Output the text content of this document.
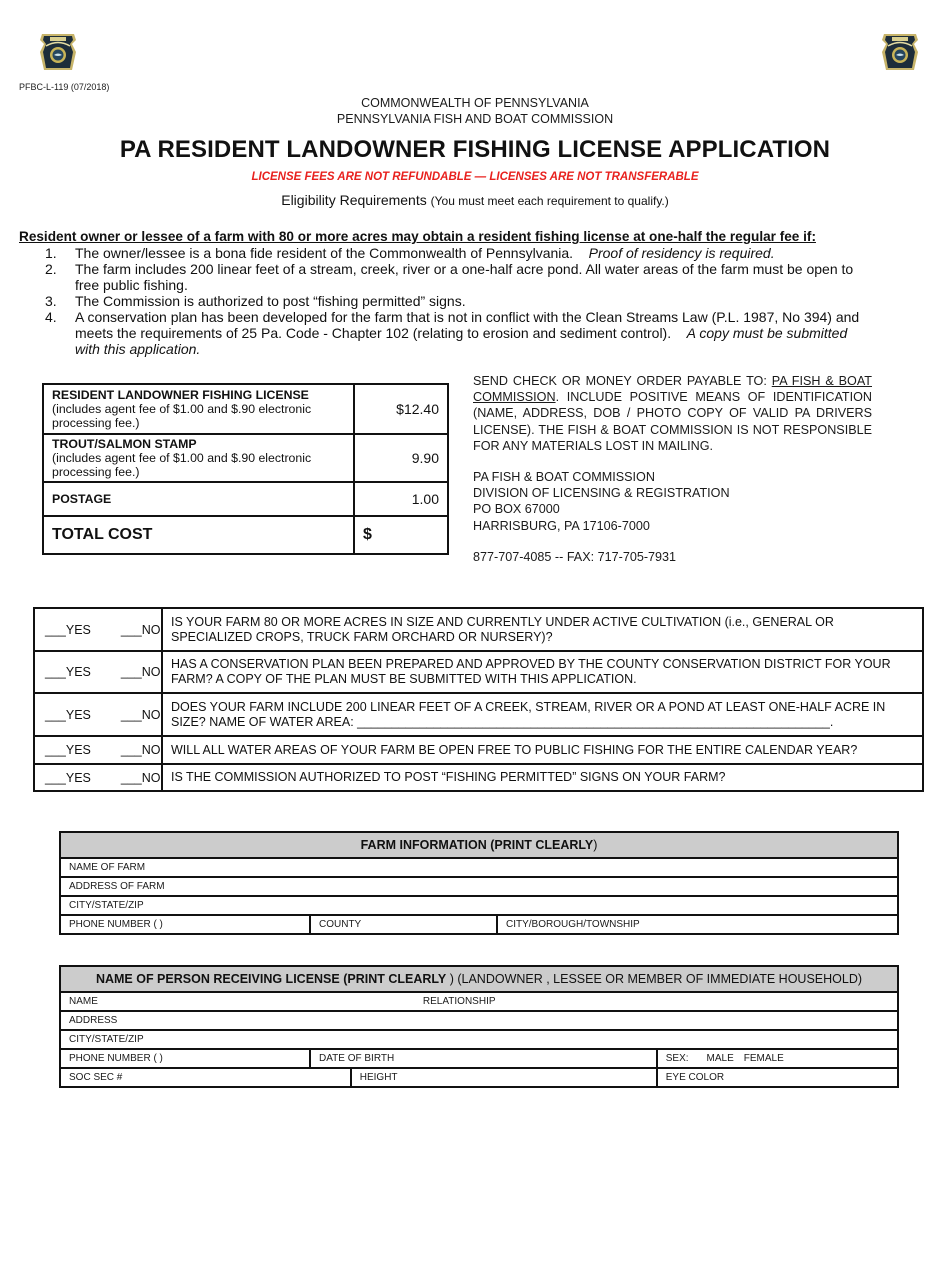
PFBC-L-119 (07/2018)
COMMONWEALTH OF PENNSYLVANIA
PENNSYLVANIA FISH AND BOAT COMMISSION
PA RESIDENT LANDOWNER FISHING LICENSE APPLICATION
LICENSE FEES ARE NOT REFUNDABLE — LICENSES ARE NOT TRANSFERABLE
Eligibility Requirements (You must meet each requirement to qualify.)
Resident owner or lessee of a farm with 80 or more acres may obtain a resident fishing license at one-half the regular fee if:
1.	The owner/lessee is a bona fide resident of the Commonwealth of Pennsylvania. Proof of residency is required.
2.	The farm includes 200 linear feet of a stream, creek, river or a one-half acre pond. All water areas of the farm must be open to free public fishing.
3.	The Commission is authorized to post “fishing permitted” signs.
4.	A conservation plan has been developed for the farm that is not in conflict with the Clean Streams Law (P.L. 1987, No 394) and meets the requirements of 25 Pa. Code - Chapter 102 (relating to erosion and sediment control). A copy must be submitted with this application.
RESIDENT LANDOWNER FISHING LICENSE
(includes agent fee of $1.00 and $.90 electronic processing fee.)	$12.40
TROUT/SALMON STAMP
(includes agent fee of $1.00 and $.90 electronic processing fee.)	9.90
POSTAGE	1.00
TOTAL COST	$

SEND CHECK OR MONEY ORDER PAYABLE TO: PA FISH & BOAT COMMISSION. INCLUDE POSITIVE MEANS OF IDENTIFICATION (NAME, ADDRESS, DOB / PHOTO COPY OF VALID PA DRIVERS LICENSE). THE FISH & BOAT COMMISSION IS NOT RESPONSIBLE FOR ANY MATERIALS LOST IN MAILING.

PA FISH & BOAT COMMISSION
DIVISION OF LICENSING & REGISTRATION
PO BOX 67000
HARRISBURG, PA 17106-7000
877-707-4085 -- FAX: 717-705-7931
___YES ___NO	IS YOUR FARM 80 OR MORE ACRES IN SIZE AND CURRENTLY UNDER ACTIVE CULTIVATION (i.e., GENERAL OR SPECIALIZED CROPS, TRUCK FARM ORCHARD OR NURSERY)?
___YES ___NO	HAS A CONSERVATION PLAN BEEN PREPARED AND APPROVED BY THE COUNTY CONSERVATION DISTRICT FOR YOUR FARM? A COPY OF THE PLAN MUST BE SUBMITTED WITH THIS APPLICATION.
___YES ___NO	DOES YOUR FARM INCLUDE 200 LINEAR FEET OF A CREEK, STREAM, RIVER OR A POND AT LEAST ONE-HALF ACRE IN SIZE? NAME OF WATER AREA: ____________________________________________________________________.
___YES ___NO	WILL ALL WATER AREAS OF YOUR FARM BE OPEN FREE TO PUBLIC FISHING FOR THE ENTIRE CALENDAR YEAR?
___YES ___NO	IS THE COMMISSION AUTHORIZED TO POST “FISHING PERMITTED” SIGNS ON YOUR FARM?
FARM INFORMATION (PRINT CLEARLY)
NAME OF FARM
ADDRESS OF FARM
CITY/STATE/ZIP
PHONE NUMBER ( )	COUNTY	CITY/BOROUGH/TOWNSHIP
NAME OF PERSON RECEIVING LICENSE (PRINT CLEARLY ) (LANDOWNER , LESSEE OR MEMBER OF IMMEDIATE HOUSEHOLD)			
NAME RELATIONSHIP			
ADDRESS			
CITY/STATE/ZIP			
PHONE NUMBER ( )	DATE OF BIRTH		SEX: MALE FEMALE
SOC SEC #		HEIGHT	EYE COLOR
